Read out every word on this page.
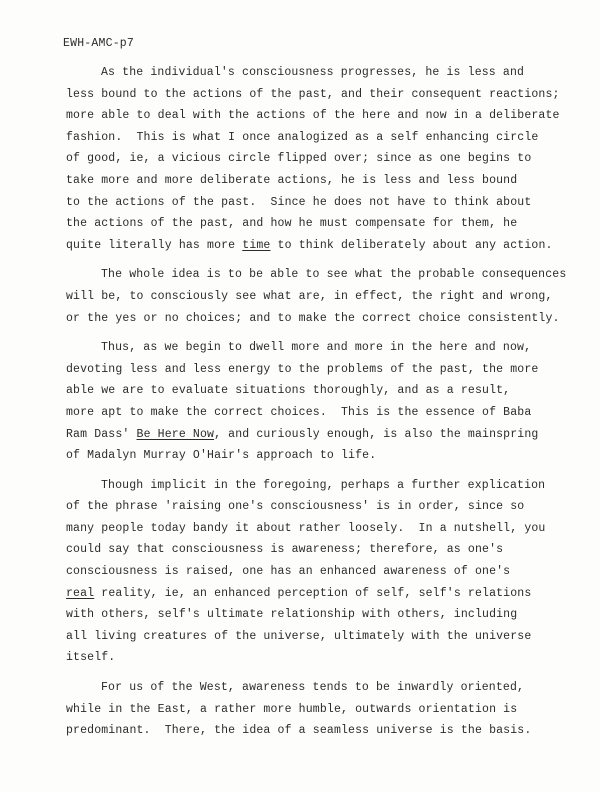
EWH-AMC-p7
As the individual's consciousness progresses, he is less and
less bound to the actions of the past, and their consequent reactions;
more able to deal with the actions of the here and now in a deliberate
fashion.  This is what I once analogized as a self enhancing circle
of good, ie, a vicious circle flipped over; since as one begins to
take more and more deliberate actions, he is less and less bound
to the actions of the past.  Since he does not have to think about
the actions of the past, and how he must compensate for them, he
quite literally has more time to think deliberately about any action.
The whole idea is to be able to see what the probable consequences
will be, to consciously see what are, in effect, the right and wrong,
or the yes or no choices; and to make the correct choice consistently.
Thus, as we begin to dwell more and more in the here and now,
devoting less and less energy to the problems of the past, the more
able we are to evaluate situations thoroughly, and as a result,
more apt to make the correct choices.  This is the essence of Baba
Ram Dass' Be Here Now, and curiously enough, is also the mainspring
of Madalyn Murray O'Hair's approach to life.
Though implicit in the foregoing, perhaps a further explication
of the phrase 'raising one's consciousness' is in order, since so
many people today bandy it about rather loosely.  In a nutshell, you
could say that consciousness is awareness; therefore, as one's
consciousness is raised, one has an enhanced awareness of one's
real reality, ie, an enhanced perception of self, self's relations
with others, self's ultimate relationship with others, including
all living creatures of the universe, ultimately with the universe
itself.
For us of the West, awareness tends to be inwardly oriented,
while in the East, a rather more humble, outwards orientation is
predominant.  There, the idea of a seamless universe is the basis.
